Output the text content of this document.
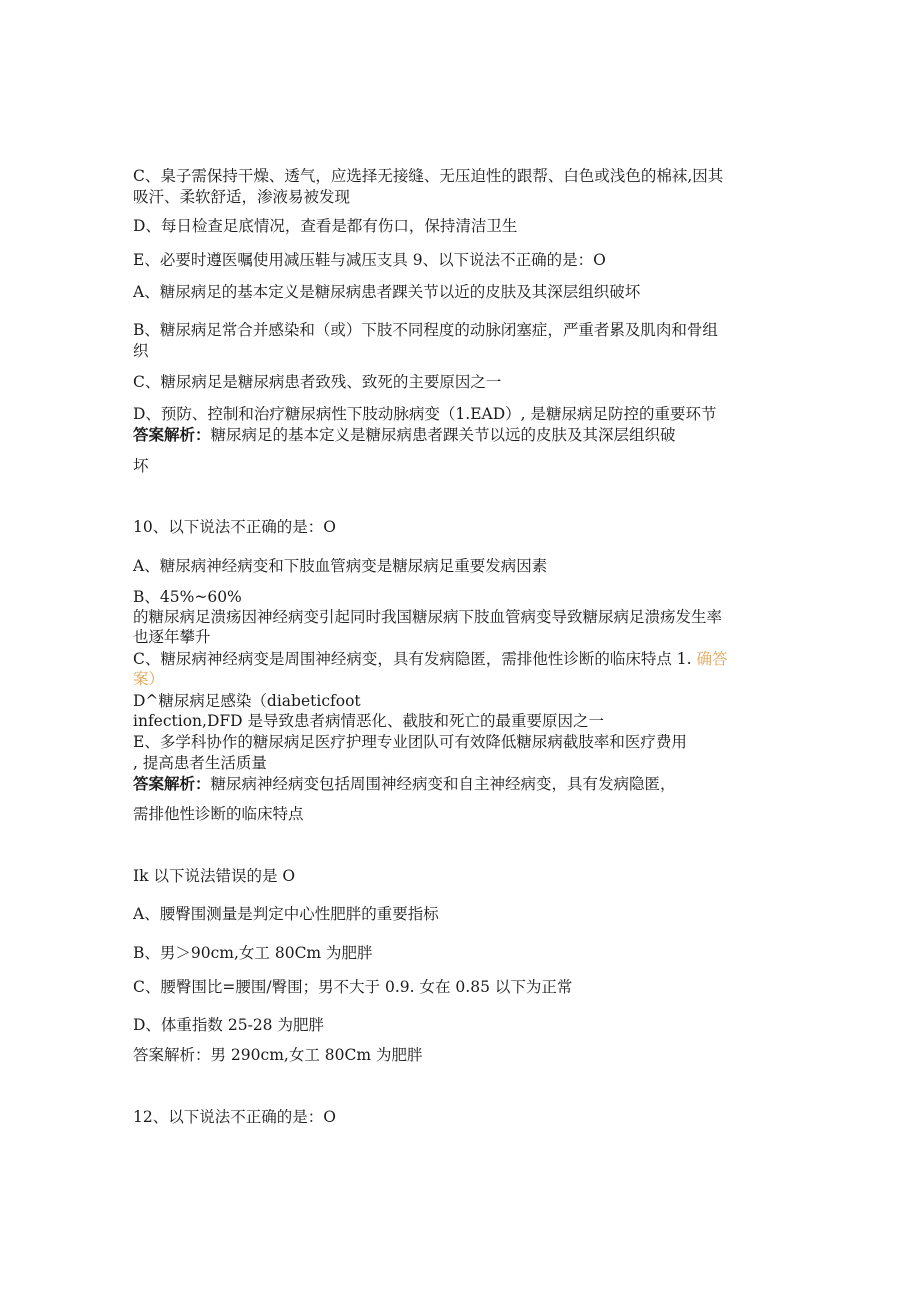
C、臬子需保持干燥、透气，应选择无接缝、无压迫性的跟帮、白色或浅色的棉袜,因其
吸汗、柔软舒适，渗液易被发现
D、每日检查足底情况，查看是都有伤口，保持清洁卫生
E、必要时遵医嘱使用减压鞋与减压支具 9、以下说法不正确的是：O
A、糖尿病足的基本定义是糖尿病患者踝关节以近的皮肤及其深层组织破坏
B、糖尿病足常合并感染和（或）下肢不同程度的动脉闭塞症，严重者累及肌肉和骨组
织
C、糖尿病足是糖尿病患者致残、致死的主要原因之一
D、预防、控制和治疗糖尿病性下肢动脉病变（1.EAD）, 是糖尿病足防控的重要环节
答案解析：糖尿病足的基本定义是糖尿病患者踝关节以远的皮肤及其深层组织破
坏
10、以下说法不正确的是：O
A、糖尿病神经病变和下肢血管病变是糖尿病足重要发病因素
B、45%~60%
的糖尿病足溃疡因神经病变引起同时我国糖尿病下肢血管病变导致糖尿病足溃疡发生率
也逐年攀升
C、糖尿病神经病变是周围神经病变，具有发病隐匿，需排他性诊断的临床特点 1. 确答
案）
D^糖尿病足感染（diabeticfoot
infection,DFD 是导致患者病情恶化、截肢和死亡的最重要原因之一
E、多学科协作的糖尿病足医疗护理专业团队可有效降低糖尿病截肢率和医疗费用
, 提高患者生活质量
答案解析：糖尿病神经病变包括周围神经病变和自主神经病变，具有发病隐匿，
需排他性诊断的临床特点
Ik 以下说法错误的是 O
A、腰臀围测量是判定中心性肥胖的重要指标
B、男＞90cm,女工 80Cm 为肥胖
C、腰臀围比=腰围/臀围；男不大于 0.9. 女在 0.85 以下为正常
D、体重指数 25-28 为肥胖
答案解析：男 290cm,女工 80Cm 为肥胖
12、以下说法不正确的是：O
